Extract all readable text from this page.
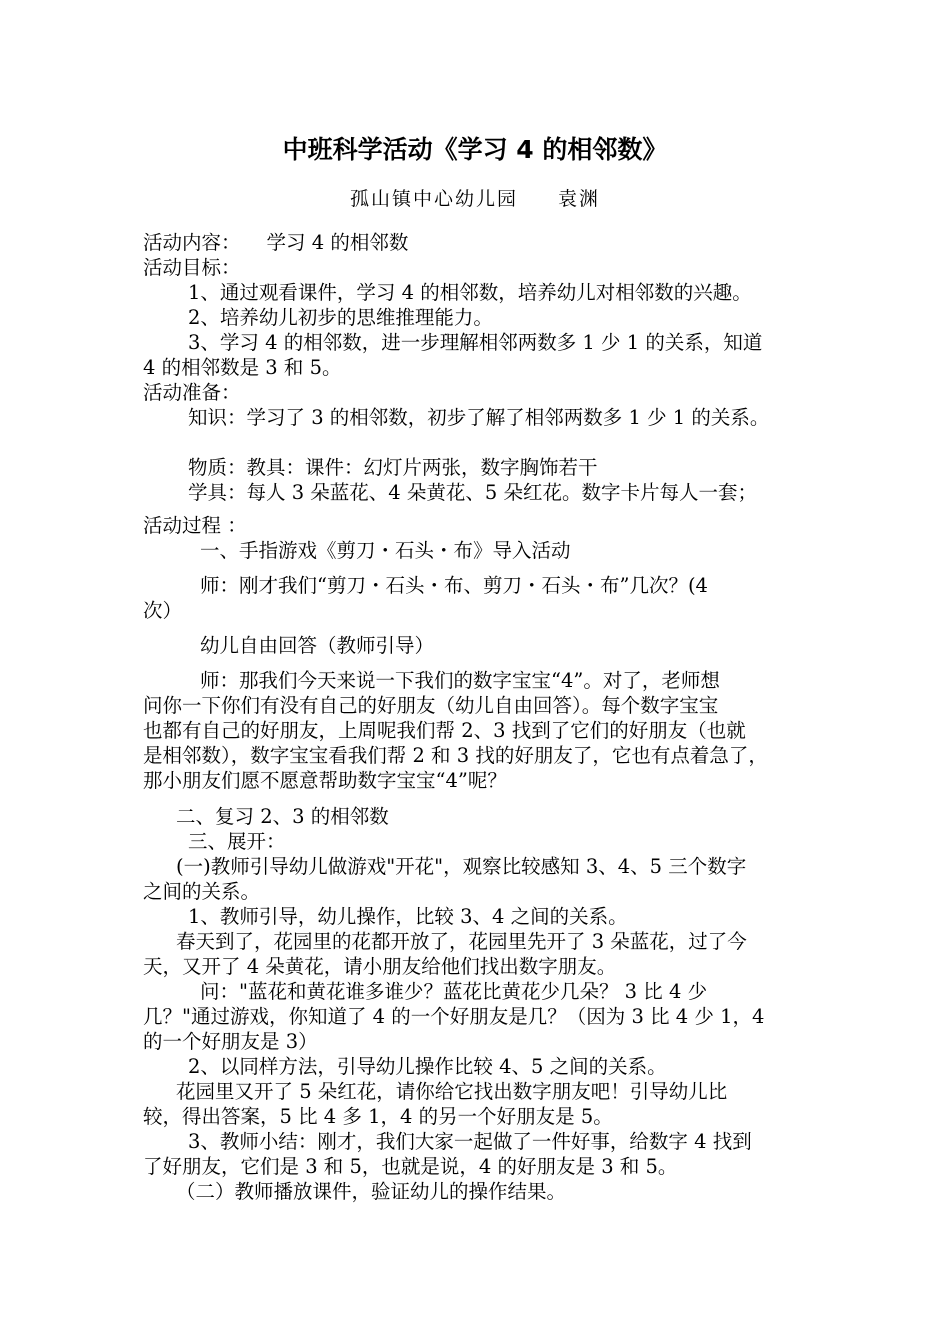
中班科学活动《学习 4 的相邻数》
孤山镇中心幼儿园 袁渊
活动内容： 学习 4 的相邻数
活动目标：
1、通过观看课件，学习 4 的相邻数，培养幼儿对相邻数的兴趣。
2、培养幼儿初步的思维推理能力。
3、学习 4 的相邻数，进一步理解相邻两数多 1 少 1 的关系，知道
4 的相邻数是 3 和 5。
活动准备：
知识：学习了 3 的相邻数，初步了解了相邻两数多 1 少 1 的关系。
物质：教具：课件：幻灯片两张，数字胸饰若干
学具：每人 3 朵蓝花、4 朵黄花、5 朵红花。数字卡片每人一套；
活动过程 ：
一、手指游戏《剪刀・石头・布》导入活动
师：刚才我们“剪刀・石头・布、剪刀・石头・布”几次？(4
次）
幼儿自由回答（教师引导）
师：那我们今天来说一下我们的数字宝宝“4”。对了，老师想
问你一下你们有没有自己的好朋友（幼儿自由回答）。每个数字宝宝
也都有自己的好朋友，上周呢我们帮 2、3 找到了它们的好朋友（也就
是相邻数），数字宝宝看我们帮 2 和 3 找的好朋友了，它也有点着急了，
那小朋友们愿不愿意帮助数字宝宝“4”呢？
二、复习 2、3 的相邻数
三、展开：
(一)教师引导幼儿做游戏"开花"，观察比较感知 3、4、5 三个数字
之间的关系。
1、教师引导，幼儿操作，比较 3、4 之间的关系。
春天到了，花园里的花都开放了，花园里先开了 3 朵蓝花，过了今
天，又开了 4 朵黄花，请小朋友给他们找出数字朋友。
问："蓝花和黄花谁多谁少？蓝花比黄花少几朵？ 3 比 4 少
几？"通过游戏，你知道了 4 的一个好朋友是几？（因为 3 比 4 少 1，4
的一个好朋友是 3）
2、以同样方法，引导幼儿操作比较 4、5 之间的关系。
花园里又开了 5 朵红花，请你给它找出数字朋友吧！引导幼儿比
较，得出答案，5 比 4 多 1，4 的另一个好朋友是 5。
3、教师小结：刚才，我们大家一起做了一件好事，给数字 4 找到
了好朋友，它们是 3 和 5，也就是说，4 的好朋友是 3 和 5。
（二）教师播放课件，验证幼儿的操作结果。
